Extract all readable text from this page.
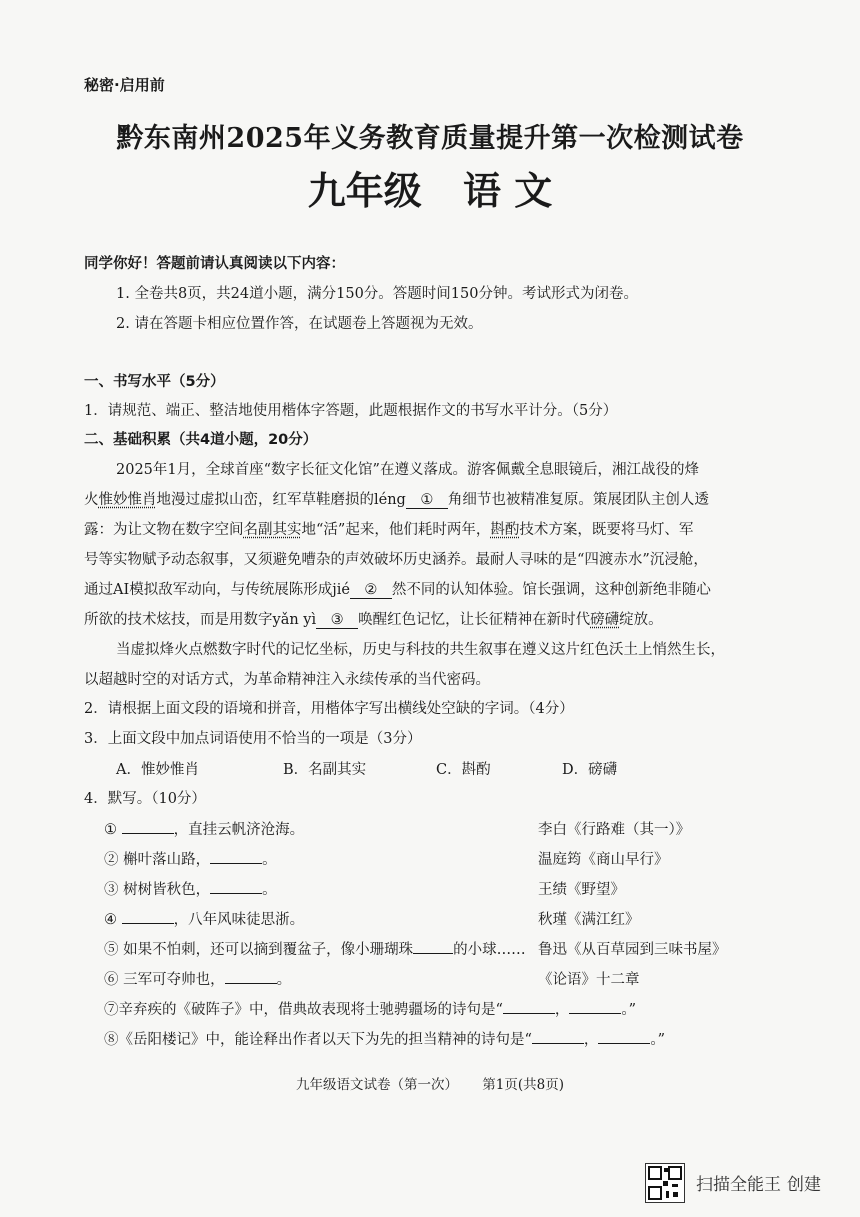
秘密·启用前
黔东南州2025年义务教育质量提升第一次检测试卷
九年级 语 文
同学你好！答题前请认真阅读以下内容：
1. 全卷共8页，共24道小题，满分150分。答题时间150分钟。考试形式为闭卷。
2. 请在答题卡相应位置作答，在试题卷上答题视为无效。
一、书写水平（5分）
1．请规范、端正、整洁地使用楷体字答题，此题根据作文的书写水平计分。（5分）
二、基础积累（共4道小题，20分）
2025年1月，全球首座“数字长征文化馆”在遵义落成。游客佩戴全息眼镜后，湘江战役的烽
火惟妙惟肖地漫过虚拟山峦，红军草鞋磨损的léng ① 角细节也被精准复原。策展团队主创人透
露：为让文物在数字空间名副其实地“活”起来，他们耗时两年，斟酌技术方案，既要将马灯、军
号等实物赋予动态叙事，又须避免嘈杂的声效破坏历史涵养。最耐人寻味的是“四渡赤水”沉浸舱，
通过AI模拟敌军动向，与传统展陈形成jié ② 然不同的认知体验。馆长强调，这种创新绝非随心
所欲的技术炫技，而是用数字yǎn yì ③ 唤醒红色记忆，让长征精神在新时代磅礴绽放。
当虚拟烽火点燃数字时代的记忆坐标，历史与科技的共生叙事在遵义这片红色沃土上悄然生长，
以超越时空的对话方式，为革命精神注入永续传承的当代密码。
2．请根据上面文段的语境和拼音，用楷体字写出横线处空缺的字词。（4分）
3．上面文段中加点词语使用不恰当的一项是（3分）
A．惟妙惟肖	B．名副其实	C．斟酌	D．磅礴
4．默写。（10分）
①	，直挂云帆济沧海。	李白《行路难（其一）》
② 槲叶落山路，	。	温庭筠《商山早行》
③ 树树皆秋色，	。	王绩《野望》
④	，八年风味徒思浙。	秋瑾《满江红》
⑤ 如果不怕刺，还可以摘到覆盆子，像小珊瑚珠	的小球…… 鲁迅《从百草园到三味书屋》
⑥ 三军可夺帅也，	。	《论语》十二章
⑦辛弃疾的《破阵子》中，借典故表现将士驰骋疆场的诗句是“	，	。”
⑧《岳阳楼记》中，能诠释出作者以天下为先的担当精神的诗句是“	，	。”
九年级语文试卷（第一次） 第1页(共8页)
扫描全能王 创建
